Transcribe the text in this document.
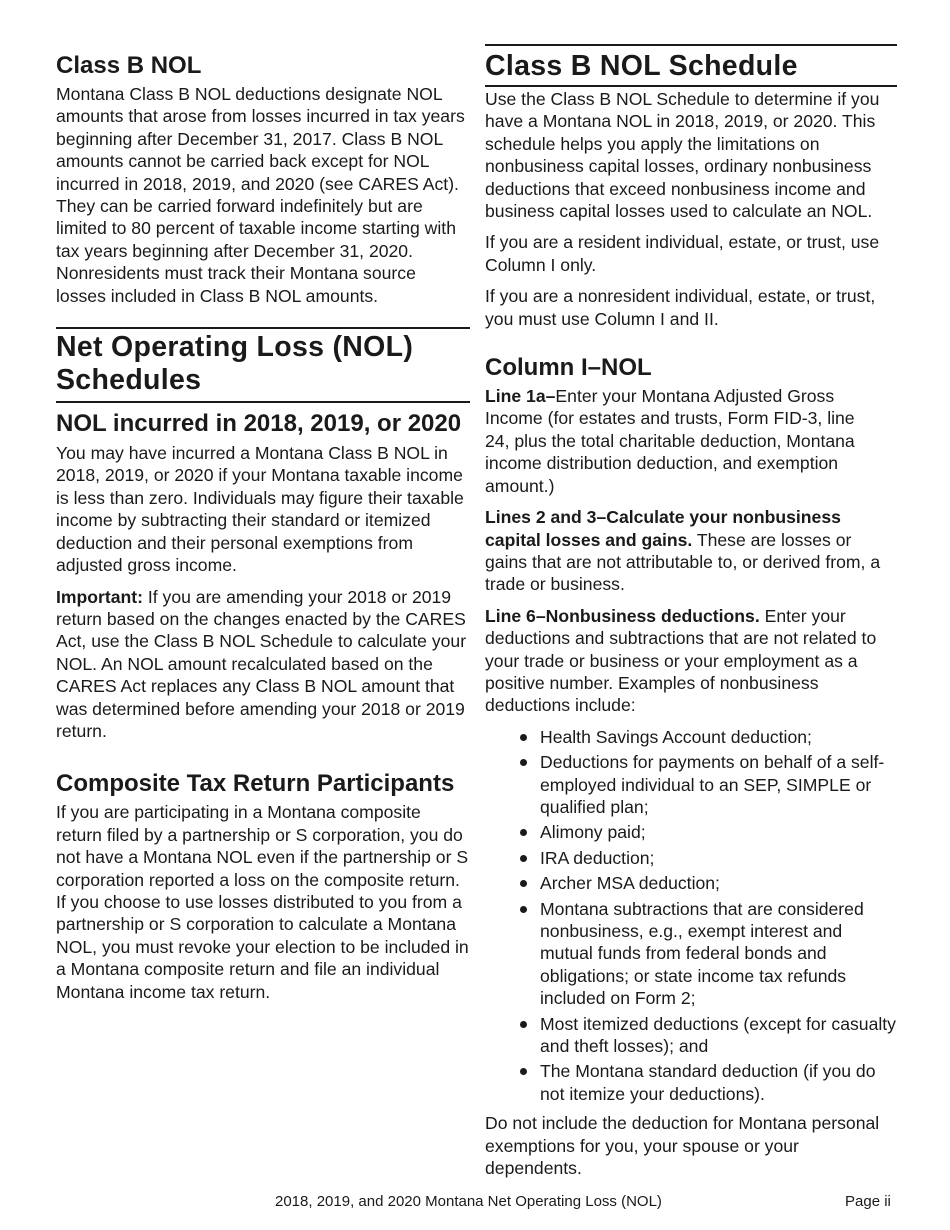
Class B NOL

Montana Class B NOL deductions designate NOL amounts that arose from losses incurred in tax years beginning after December 31, 2017. Class B NOL amounts cannot be carried back except for NOL incurred in 2018, 2019, and 2020 (see CARES Act). They can be carried forward indefinitely but are limited to 80 percent of taxable income starting with tax years beginning after December 31, 2020. Nonresidents must track their Montana source losses included in Class B NOL amounts.

Net Operating Loss (NOL) Schedules
NOL incurred in 2018, 2019, or 2020

You may have incurred a Montana Class B NOL in 2018, 2019, or 2020 if your Montana taxable income is less than zero. Individuals may figure their taxable income by subtracting their standard or itemized deduction and their personal exemptions from adjusted gross income.

Important: If you are amending your 2018 or 2019 return based on the changes enacted by the CARES Act, use the Class B NOL Schedule to calculate your NOL. An NOL amount recalculated based on the CARES Act replaces any Class B NOL amount that was determined before amending your 2018 or 2019 return.

Composite Tax Return Participants

If you are participating in a Montana composite return filed by a partnership or S corporation, you do not have a Montana NOL even if the partnership or S corporation reported a loss on the composite return. If you choose to use losses distributed to you from a partnership or S corporation to calculate a Montana NOL, you must revoke your election to be included in a Montana composite return and file an individual Montana income tax return.

Class B NOL Schedule

Use the Class B NOL Schedule to determine if you have a Montana NOL in 2018, 2019, or 2020. This schedule helps you apply the limitations on nonbusiness capital losses, ordinary nonbusiness deductions that exceed nonbusiness income and business capital losses used to calculate an NOL.

If you are a resident individual, estate, or trust, use Column I only.

If you are a nonresident individual, estate, or trust, you must use Column I and II.

Column I–NOL

Line 1a–Enter your Montana Adjusted Gross Income (for estates and trusts, Form FID-3, line 24, plus the total charitable deduction, Montana income distribution deduction, and exemption amount.)

Lines 2 and 3–Calculate your nonbusiness capital losses and gains. These are losses or gains that are not attributable to, or derived from, a trade or business.

Line 6–Nonbusiness deductions. Enter your deductions and subtractions that are not related to your trade or business or your employment as a positive number. Examples of nonbusiness deductions include:

Health Savings Account deduction;
Deductions for payments on behalf of a self-employed individual to an SEP, SIMPLE or qualified plan;
Alimony paid;
IRA deduction;
Archer MSA deduction;
Montana subtractions that are considered nonbusiness, e.g., exempt interest and mutual funds from federal bonds and obligations; or state income tax refunds included on Form 2;
Most itemized deductions (except for casualty and theft losses); and
The Montana standard deduction (if you do not itemize your deductions).

Do not include the deduction for Montana personal exemptions for you, your spouse or your dependents.

2018, 2019, and 2020 Montana Net Operating Loss (NOL)	Page ii
